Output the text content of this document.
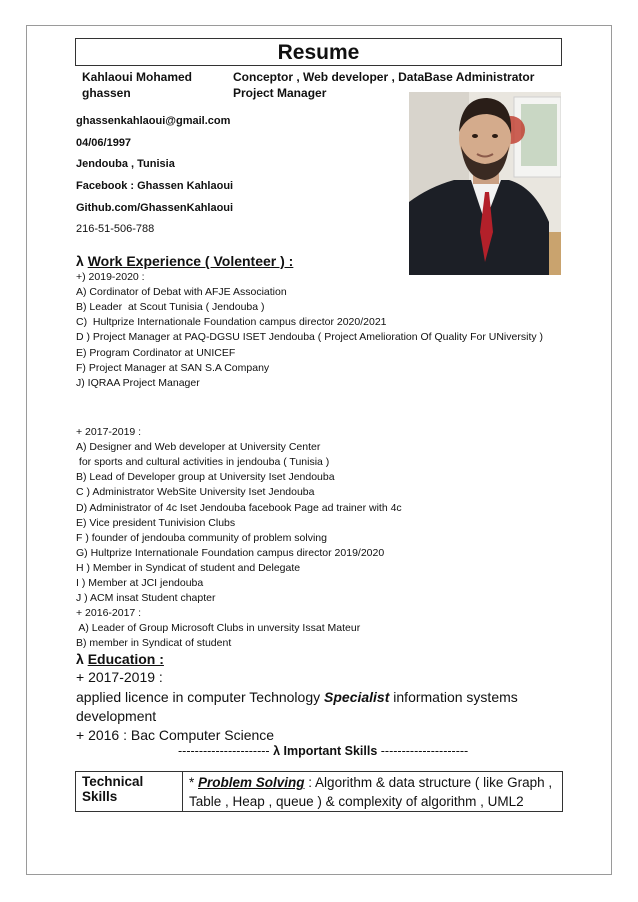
Resume
Kahlaoui Mohamed ghassen
Conceptor , Web developer , DataBase Administrator Project Manager
ghassenkahlaoui@gmail.com
04/06/1997
Jendouba , Tunisia
Facebook : Ghassen Kahlaoui
Github.com/GhassenKahlaoui
216-51-506-788
λ Work Experience ( Volenteer ) :
+) 2019-2020 :
A) Cordinator of Debat with AFJE Association
B) Leader  at Scout Tunisia ( Jendouba )
C)  Hultprize Internationale Foundation campus director 2020/2021
D ) Project Manager at PAQ-DGSU ISET Jendouba ( Project Amelioration Of Quality For UNiversity )
E) Program Cordinator at UNICEF
F) Project Manager at SAN S.A Company
J) IQRAA Project Manager
+ 2017-2019 :
A) Designer and Web developer at University Center
for sports and cultural activities in jendouba ( Tunisia )
B) Lead of Developer group at University Iset Jendouba
C ) Administrator WebSite University Iset Jendouba
D) Administrator of 4c Iset Jendouba facebook Page ad trainer with 4c
E) Vice president Tunivision Clubs
F ) founder of jendouba community of problem solving
G) Hultprize Internationale Foundation campus director 2019/2020
H ) Member in Syndicat of student and Delegate
I ) Member at JCI jendouba
J ) ACM insat Student chapter
+ 2016-2017 :
A) Leader of Group Microsoft Clubs in unversity Issat Mateur
B) member in Syndicat of student
λ Education :
+ 2017-2019 :
applied licence in computer Technology Specialist information systems
development
+ 2016 : Bac Computer Science
---------------------- λ Important Skills ---------------------
Technical Skills
* Problem Solving : Algorithm & data structure ( like Graph ,
Table , Heap , queue ) & complexity of algorithm , UML2
